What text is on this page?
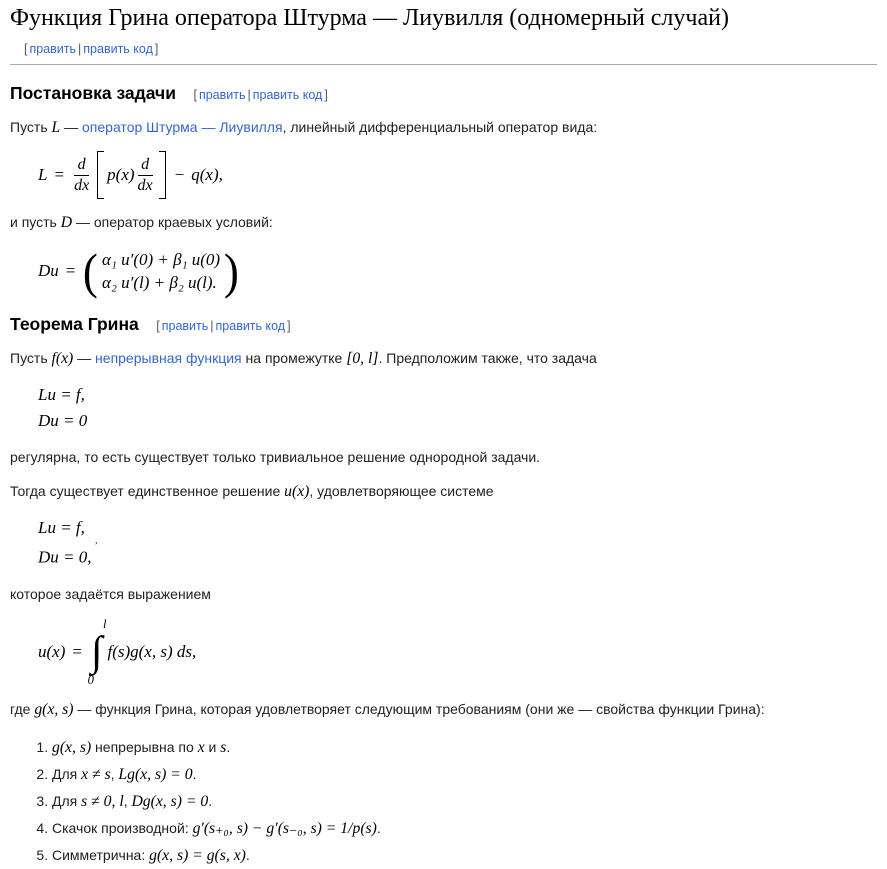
Функция Грина оператора Штурма — Лиувилля (одномерный случай) [ править | править код ]
Постановка задачи [ править | править код ]

Пусть L — оператор Штурма — Лиувилля, линейный дифференциальный оператор вида:

$L = \frac{d}{dx} p(x) \frac{d}{dx} - q(x)$,

и пусть D — оператор краевых условий:

Du = ( α₁ u′(0) + β₁ u(0)
α₂ u′(l) + β₂ u(l). )
Теорема Грина [ править | править код ]

Пусть f(x) — непрерывная функция на промежутке [0, l]. Предположим также, что задача

Lu = f,
Du = 0

регулярна, то есть существует только тривиальное решение однородной задачи.

Тогда существует единственное решение u(x), удовлетворяющее системе

Lu = f,
Du = 0,’

которое задаётся выражением

u(x) =
l
∫
0
f(s)g(x, s) ds,

где g(x, s) — функция Грина, которая удовлетворяет следующим требованиям (они же — свойства функции Грина):

1. g(x, s) непрерывна по x и s.
2. Для x ≠ s, Lg(x, s) = 0.
3. Для s ≠ 0, l, Dg(x, s) = 0.
4. Скачок производной: g′(s₊₀, s) − g′(s₋₀, s) = 1/p(s).
5. Симметрична: g(x, s) = g(s, x).
